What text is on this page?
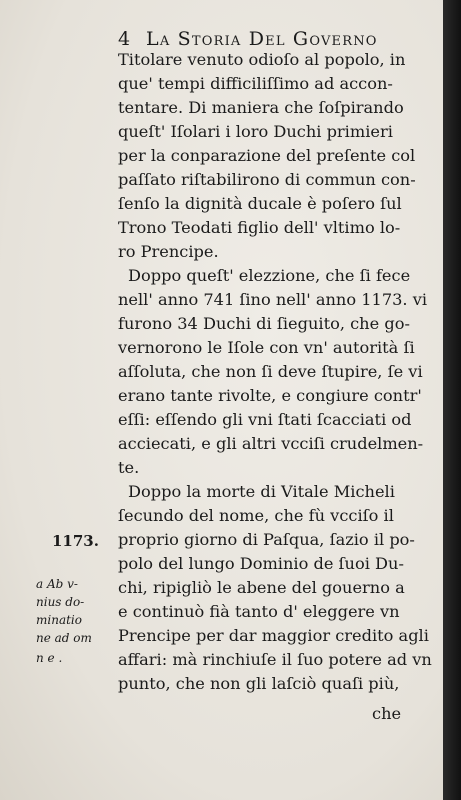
4 La Storia Del Governo
Titolare venuto odioſo al popolo, in
que' tempi difficiliſſimo ad accon-
tentare. Di maniera che ſoſpirando
queſt' Iſolari i loro Duchi primieri
per la conparazione del preſente col
paſſato riſtabilirono di commun con-
ſenſo la dignità ducale è poſero ſul
Trono Teodati figlio dell' vltimo lo-
ro Prencipe.
Doppo queſt' elezzione, che ſi fece
nell' anno 741 ſino nell' anno 1173. vi
furono 34 Duchi di ſieguito, che go-
vernorono le Iſole con vn' autorità ſi
aſſoluta, che non ſi deve ſtupire, ſe vi
erano tante rivolte, e congiure contr'
eſſi: eſſendo gli vni ſtati ſcacciati od
acciecati, e gli altri vcciſi crudelmen-
te.
Doppo la morte di Vitale Micheli
ſecundo del nome, che fù vcciſo il
proprio giorno di Paſqua, ſazio il po-
polo del lungo Dominio de ſuoi Du-
chi, ripigliò le abene del gouerno a
e continuò fià tanto d' eleggere vn
Prencipe per dar maggior credito agli
affari: mà rinchiuſe il ſuo potere ad vn
punto, che non gli laſciò quaſi più,
1173.
a Ab v-
nius do-
minatio
ne ad om
n e .
che
